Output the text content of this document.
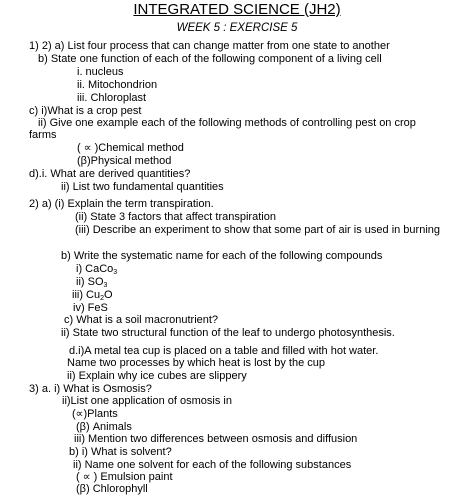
INTEGRATED SCIENCE (JH2)
WEEK 5 : EXERCISE 5
1) 2) a) List four process that can change matter from one state to another
b) State one function of each of the following component of a living cell
i. nucleus
ii. Mitochondrion
iii. Chloroplast
c) i)What is a crop pest
ii) Give one example each of the following methods of controlling pest on crop
farms
( ∝ )Chemical method
(β)Physical method
d).i. What are derived quantities?
ii) List two fundamental quantities
2) a) (i) Explain the term transpiration.
(ii) State 3 factors that affect transpiration
(iii) Describe an experiment to show that some part of air is used in burning
b) Write the systematic name for each of the following compounds
i) CaCo$_3$
ii) $SO_3$
iii) $Cu_2O$
iv) FeS
c) What is a soil macronutrient?
ii) State two structural function of the leaf to undergo photosynthesis.
d.i)A metal tea cup is placed on a table and filled with hot water.
Name two processes by which heat is lost by the cup
ii) Explain why ice cubes are slippery
3) a. i) What is Osmosis?
ii)List one application of osmosis in
(∝)Plants
(β) Animals
iii) Mention two differences between osmosis and diffusion
b) i) What is solvent?
ii) Name one solvent for each of the following substances
( ∝ ) Emulsion paint
(β) Chlorophyll
